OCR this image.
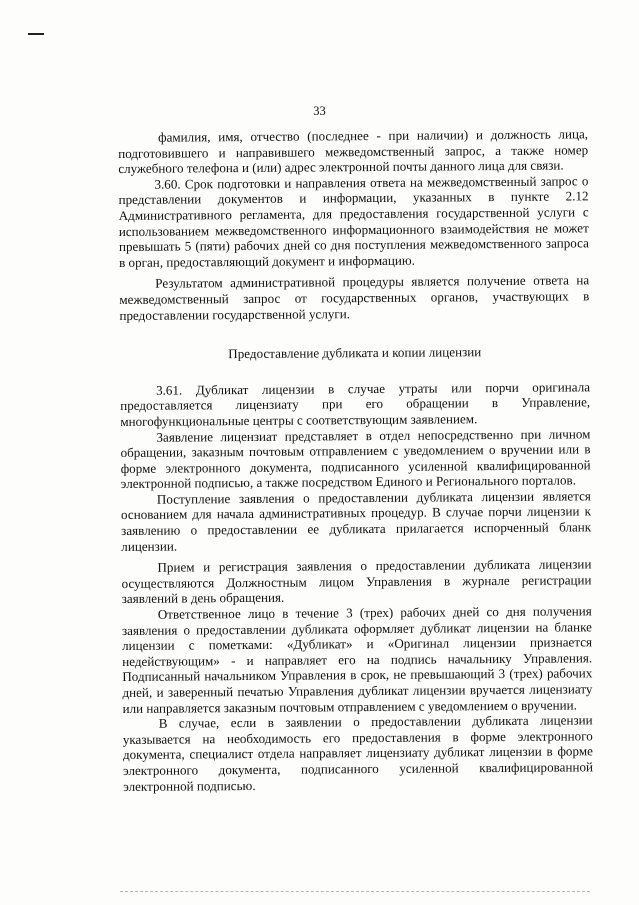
33

фамилия, имя, отчество (последнее - при наличии) и должность лица, подготовившего и направившего межведомственный запрос, а также номер служебного телефона и (или) адрес электронной почты данного лица для связи.

3.60. Срок подготовки и направления ответа на межведомственный запрос о представлении документов и информации, указанных в пункте 2.12 Административного регламента, для предоставления государственной услуги с использованием межведомственного информационного взаимодействия не может превышать 5 (пяти) рабочих дней со дня поступления межведомственного запроса в орган, предоставляющий документ и информацию.

Результатом административной процедуры является получение ответа на межведомственный запрос от государственных органов, участвующих в предоставлении государственной услуги.

Предоставление дубликата и копии лицензии

3.61. Дубликат лицензии в случае утраты или порчи оригинала предоставляется лицензиату при его обращении в Управление, многофункциональные центры с соответствующим заявлением.

Заявление лицензиат представляет в отдел непосредственно при личном обращении, заказным почтовым отправлением с уведомлением о вручении или в форме электронного документа, подписанного усиленной квалифицированной электронной подписью, а также посредством Единого и Регионального порталов.

Поступление заявления о предоставлении дубликата лицензии является основанием для начала административных процедур. В случае порчи лицензии к заявлению о предоставлении ее дубликата прилагается испорченный бланк лицензии.

Прием и регистрация заявления о предоставлении дубликата лицензии осуществляются Должностным лицом Управления в журнале регистрации заявлений в день обращения.

Ответственное лицо в течение 3 (трех) рабочих дней со дня получения заявления о предоставлении дубликата оформляет дубликат лицензии на бланке лицензии с пометками: «Дубликат» и «Оригинал лицензии признается недействующим» - и направляет его на подпись начальнику Управления. Подписанный начальником Управления в срок, не превышающий 3 (трех) рабочих дней, и заверенный печатью Управления дубликат лицензии вручается лицензиату или направляется заказным почтовым отправлением с уведомлением о вручении.

В случае, если в заявлении о предоставлении дубликата лицензии указывается на необходимость его предоставления в форме электронного документа, специалист отдела направляет лицензиату дубликат лицензии в форме электронного документа, подписанного усиленной квалифицированной электронной подписью.
